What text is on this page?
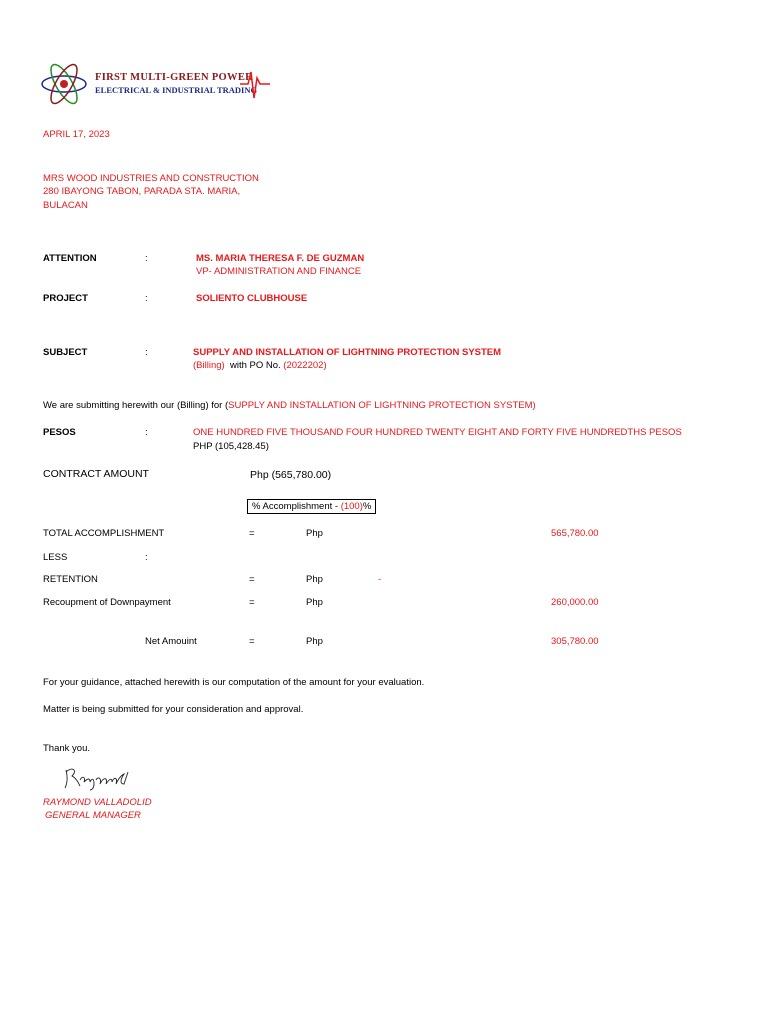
FIRST MULTI-GREEN POWER
ELECTRICAL & INDUSTRIAL TRADING
APRIL 17, 2023
MRS WOOD INDUSTRIES AND CONSTRUCTION
280 IBAYONG TABON, PARADA STA. MARIA,
BULACAN
ATTENTION	:	MS. MARIA THERESA F. DE GUZMAN
VP- ADMINISTRATION AND FINANCE
PROJECT	:	SOLIENTO CLUBHOUSE
SUBJECT	:	SUPPLY AND INSTALLATION OF LIGHTNING PROTECTION SYSTEM
(Billing) with PO No. (2022202)
We are submitting herewith our (Billing) for (SUPPLY AND INSTALLATION OF LIGHTNING PROTECTION SYSTEM)
PESOS	:	ONE HUNDRED FIVE THOUSAND FOUR HUNDRED TWENTY EIGHT AND FORTY FIVE HUNDREDTHS PESOS
PHP (105,428.45)
CONTRACT AMOUNT	Php (565,780.00)
% Accomplishment - (100)%
TOTAL ACCOMPLISHMENT	=	Php	565,780.00
LESS	:
RETENTION	=	Php	-
Recoupment of Downpayment	=	Php	260,000.00
Net Amouint	=	Php	305,780.00
For your guidance, attached herewith is our computation of the amount for your evaluation.
Matter is being submitted for your consideration and approval.
Thank you.
RAYMOND VALLADOLID
GENERAL MANAGER
